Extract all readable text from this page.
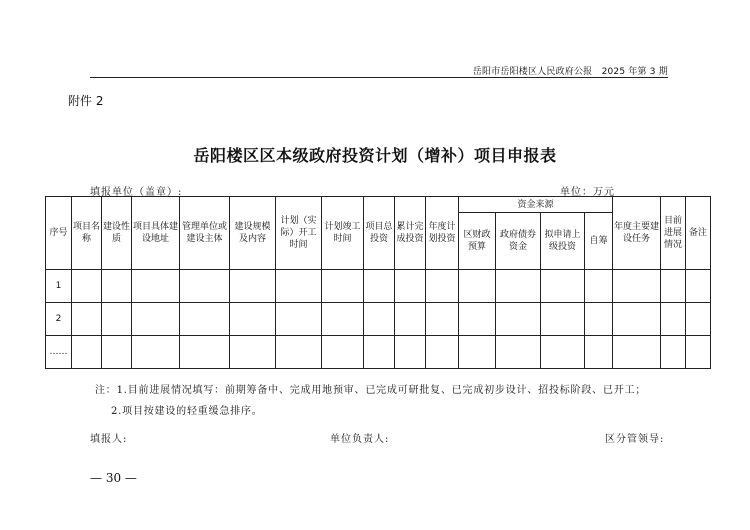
岳阳市岳阳楼区人民政府公报　2025 年第 3 期
附件 2
岳阳楼区区本级政府投资计划（增补）项目申报表
填报单位（盖章）:	单位：万元
序号	项目名称	建设性质	项目具体建设地址	管理单位或建设主体	建设规模及内容	计划（实际）开工时间	计划竣工时间	项目总投资	累计完成投资	年度计划投资	资金来源				年度主要建设任务	目前进展情况	备注
											区财政预算	政府债券资金	拟申请上级投资	自筹			
1																	
2																	
……																	
注：1.目前进展情况填写：前期筹备中、完成用地预审、已完成可研批复、已完成初步设计、招投标阶段、已开工；
2.项目按建设的轻重缓急排序。
填报人:	单位负责人:	区分管领导:
— 30 —
